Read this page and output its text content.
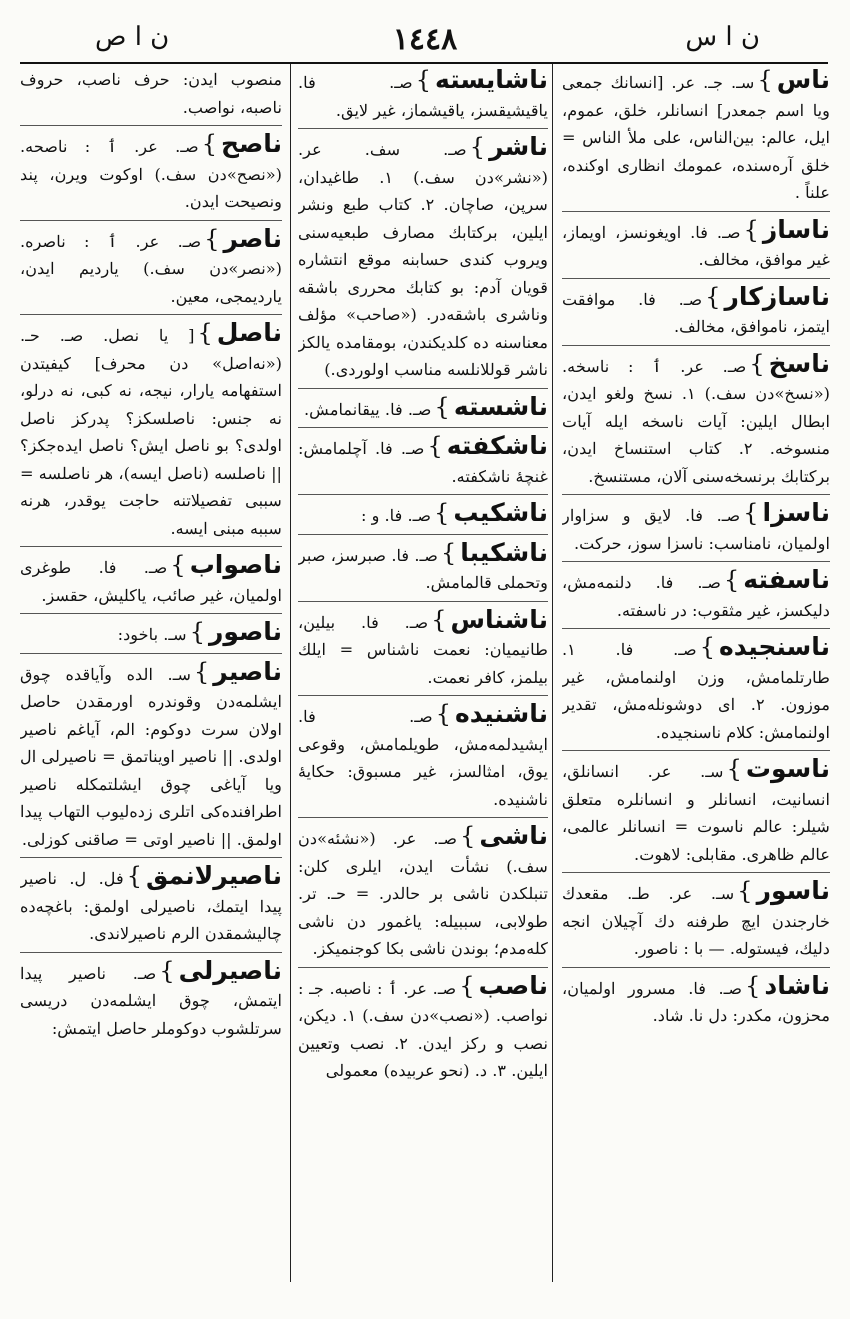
ن ا س
١٤٤٨
ن ا ص

ناس}سـ. جـ. عر. [انسانك جمعی ویا اسم جمعدر] انسانلر، خلق، عموم، ایل، عالم: بین‌الناس، علی ملأ الناس = خلق آره‌سنده، عمومك انظاری اوکنده، علناً .

ناساز}صـ. فا. اویغونسز، اویماز، غیر موافق، مخالف.

ناسازکار}صـ. فا. موافقت ایتمز، ناموافق، مخالف.

ناسخ}صـ. عر. ٲ : ناسخه. («نسخ»دن سف.) ۱. نسخ ولغو ایدن، ابطال ایلین: آیات ناسخه ایله آیات منسوخه. ۲. کتاب استنساخ ایدن، برکتابك برنسخه‌سنی آلان، مستنسخ.

ناسزا}صـ. فا. لایق و سزاوار اولمیان، نامناسب: ناسزا سوز، حرکت.

ناسفته}صـ. فا. دلنمه‌مش، دلیکسز، غیر مثقوب: در ناسفته.

ناسنجیده}صـ. فا. ۱. طارتلمامش، وزن اولنمامش، غیر موزون. ۲. ای دوشونله‌مش، تقدیر اولنمامش: کلام ناسنجیده.

ناسوت}سـ. عر. انسانلق، انسانیت، انسانلر و انسانلره متعلق شیلر: عالم ناسوت = انسانلر عالمی، عالم ظاهری. مقابلی: لاهوت.

ناسور}سـ. عر. طـ. مقعدك خارجندن ایچ طرفنه دك آچیلان انجه دلیك، فیستوله. — با : ناصور.

ناشاد}صـ. فا. مسرور اولمیان، محزون، مکدر: دل نا. شاد.

ناشایسته}صـ. فا. یاقیشیقسز، یاقیشماز، غیر لایق.

ناشر}صـ. سف. عر. («نشر»دن سف.) ۱. طاغیدان، سرپن، صاچان. ۲. کتاب طبع ونشر ایلین، برکتابك مصارف طبعیه‌سنی ویروب کندی حسابنه موقع انتشاره قویان آدم: بو کتابك محرری باشقه وناشری باشقه‌در. («صاحب» مؤلف معناسنه ده کلدیکندن، بومقامده یالکز ناشر قوللانلسه مناسب اولوردی.)

ناشسته}صـ. فا. ییقانمامش.

ناشکفته}صـ. فا. آچلمامش: غنچهٔ ناشکفته.

ناشکیب}صـ. فا. و :

ناشکیبا}صـ. فا. صبرسز، صبر وتحملی قالمامش.

ناشناس}صـ. فا. بیلین، طانیمیان: نعمت ناشناس = ایلك بیلمز، کافر نعمت.

ناشنیده}صـ. فا. ایشیدلمه‌مش، طویلمامش، وقوعی یوق، امثالسز، غیر مسبوق: حکایهٔ ناشنیده.

ناشی}صـ. عر. («نشئه»دن سف.) نشأت ایدن، ایلری کلن: تنبلکدن ناشی بر حالدر. = حـ. تر. طولابی، سببیله: یاغمور دن ناشی کله‌مدم؛ بوندن ناشی بکا کوجنمیکز.

ناصب}صـ. عر. ٲ : ناصبه. جـ : نواصب. («نصب»دن سف.) ۱. دیکن، نصب و رکز ایدن. ۲. نصب وتعیین ایلین. ۳. د. (نحو عربیده) معمولی

منصوب ایدن: حرف ناصب، حروف ناصبه، نواصب.

ناصح}صـ. عر. ٲ : ناصحه. («نصح»دن سف.) اوکوت ویرن، پند ونصیحت ایدن.

ناصر}صـ. عر. ٲ : ناصره. («نصر»دن سف.) یاردیم ایدن، یاردیمجی، معین.

ناصل}[ یا نصل. صـ. حـ. («نه‌اصل» دن محرف] کیفیتدن استفهامه یارار، نیجه، نه کبی، نه درلو، نه جنس: ناصلسکز؟ پدرکز ناصل اولدی؟ بو ناصل ایش؟ ناصل ایده‌جکز؟ || ناصلسه (ناصل ایسه)، هر ناصلسه = سببی تفصیلاتنه حاجت یوقدر، هرنه سببه مبنی ایسه.

ناصواب}صـ. فا. طوغری اولمیان، غیر صائب، یاکلیش، حقسز.

ناصور}سـ. باخود:

ناصیر}سـ. الده وآیاقده چوق ایشلمه‌دن وقوندره اورمقدن حاصل اولان سرت دوکوم: الم، آیاغم ناصیر اولدی. || ناصیر اویناتمق = ناصیرلی ال ویا آیاغی چوق ایشلتمکله ناصیر اطرافنده‌کی اتلری زده‌لیوب التهاب پیدا اولمق. || ناصیر اوتی = صاقنی کوزلی.

ناصیرلانمق}فل. ل. ناصیر پیدا ایتمك، ناصیرلی اولمق: باغچه‌ده چالیشمقدن الرم ناصیرلاندی.

ناصیرلی}صـ. ناصیر پیدا ایتمش، چوق ایشلمه‌دن دریسی سرتلشوب دوکوملر حاصل ایتمش:
